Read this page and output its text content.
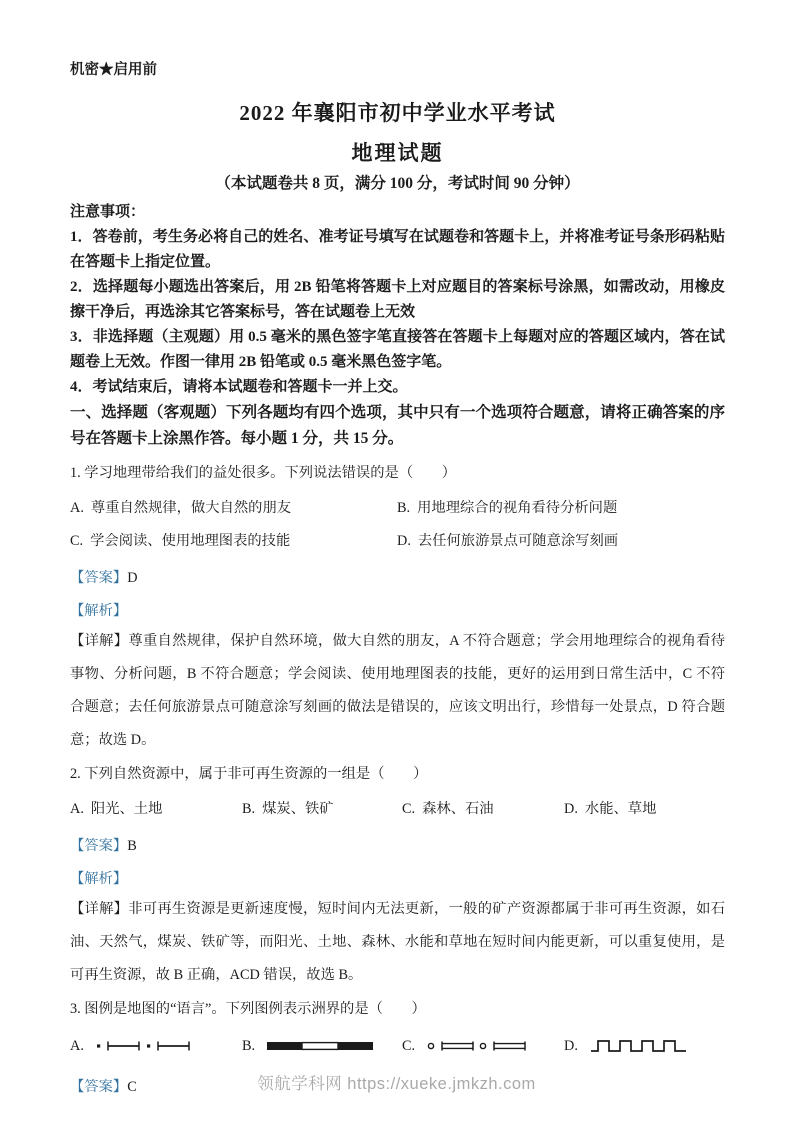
机密★启用前
2022 年襄阳市初中学业水平考试
地理试题
（本试题卷共 8 页，满分 100 分，考试时间 90 分钟）
注意事项：
1．答卷前，考生务必将自己的姓名、准考证号填写在试题卷和答题卡上，并将准考证号条形码粘贴在答题卡上指定位置。
2．选择题每小题选出答案后，用 2B 铅笔将答题卡上对应题目的答案标号涂黑，如需改动，用橡皮擦干净后，再选涂其它答案标号，答在试题卷上无效
3．非选择题（主观题）用 0.5 毫米的黑色签字笔直接答在答题卡上每题对应的答题区域内，答在试题卷上无效。作图一律用 2B 铅笔或 0.5 毫米黑色签字笔。
4．考试结束后，请将本试题卷和答题卡一并上交。
一、选择题（客观题）下列各题均有四个选项，其中只有一个选项符合题意，请将正确答案的序号在答题卡上涂黑作答。每小题 1 分，共 15 分。
1. 学习地理带给我们的益处很多。下列说法错误的是（　　）
A. 尊重自然规律，做大自然的朋友	B. 用地理综合的视角看待分析问题
C. 学会阅读、使用地理图表的技能	D. 去任何旅游景点可随意涂写刻画
【答案】D
【解析】
【详解】尊重自然规律，保护自然环境，做大自然的朋友，A 不符合题意；学会用地理综合的视角看待事物、分析问题，B 不符合题意；学会阅读、使用地理图表的技能，更好的运用到日常生活中，C 不符合题意；去任何旅游景点可随意涂写刻画的做法是错误的，应该文明出行，珍惜每一处景点，D 符合题意；故选 D。
2. 下列自然资源中，属于非可再生资源的一组是（　　）
A. 阳光、土地	B. 煤炭、铁矿	C. 森林、石油	D. 水能、草地
【答案】B
【解析】
【详解】非可再生资源是更新速度慢，短时间内无法更新，一般的矿产资源都属于非可再生资源，如石油、天然气，煤炭、铁矿等，而阳光、土地、森林、水能和草地在短时间内能更新，可以重复使用，是可再生资源，故 B 正确，ACD 错误，故选 B。
3. 图例是地图的“语言”。下列图例表示洲界的是（　　）
A.	B.	C.	D.
【答案】C	领航学科网 https://xueke.jmkzh.com
